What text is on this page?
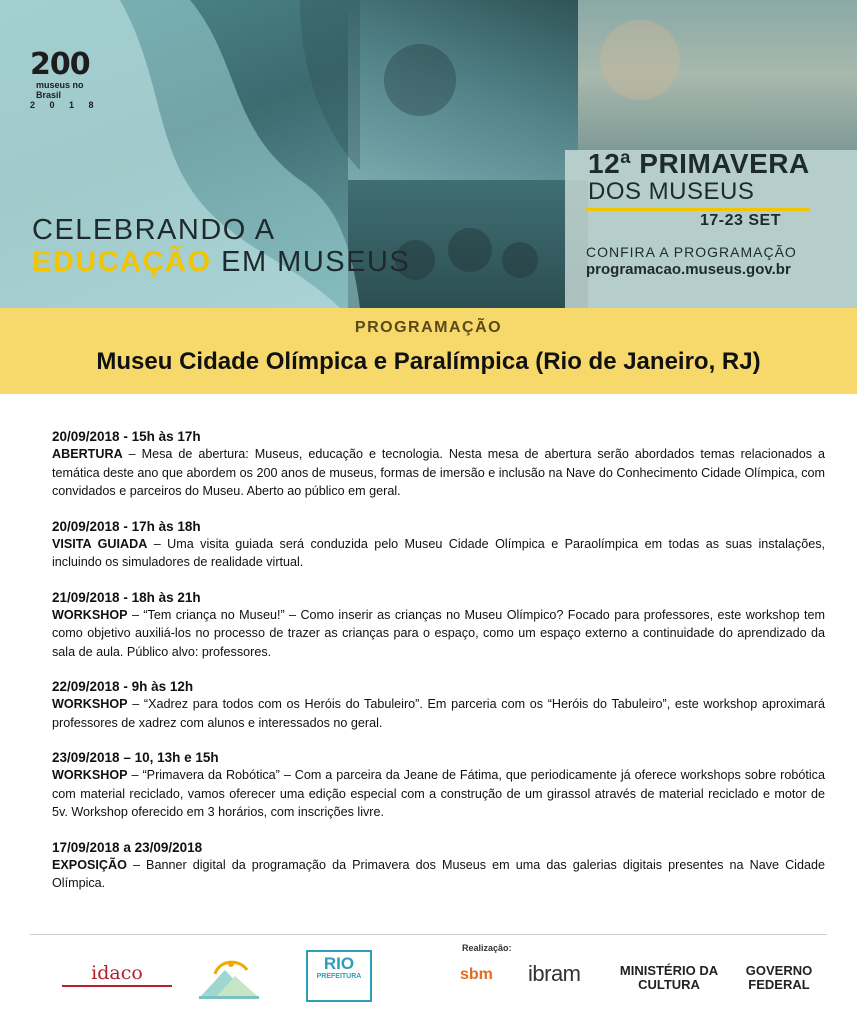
200
museus no Brasil
2 0 1 8
CELEBRANDO A
EDUCAÇÃO EM MUSEUS
12ª PRIMAVERA
DOS MUSEUS
17-23 SET
CONFIRA A PROGRAMAÇÃO
programacao.museus.gov.br
PROGRAMAÇÃO
Museu Cidade Olímpica e Paralímpica (Rio de Janeiro, RJ)

20/09/2018 - 15h às 17h

ABERTURA – Mesa de abertura: Museus, educação e tecnologia. Nesta mesa de abertura serão abordados temas relacionados a temática deste ano que abordem os 200 anos de museus, formas de imersão e inclusão na Nave do Conhecimento Cidade Olímpica, com convidados e parceiros do Museu. Aberto ao público em geral.

20/09/2018 - 17h às 18h

VISITA GUIADA – Uma visita guiada será conduzida pelo Museu Cidade Olímpica e Paraolímpica em todas as suas instalações, incluindo os simuladores de realidade virtual.

21/09/2018 - 18h às 21h

WORKSHOP – “Tem criança no Museu!” – Como inserir as crianças no Museu Olímpico? Focado para professores, este workshop tem como objetivo auxiliá-los no processo de trazer as crianças para o espaço, como um espaço externo a continuidade do aprendizado da sala de aula. Público alvo: professores.

22/09/2018 - 9h às 12h

WORKSHOP – “Xadrez para todos com os Heróis do Tabuleiro”. Em parceria com os “Heróis do Tabuleiro”, este workshop aproximará professores de xadrez com alunos e interessados no geral.

23/09/2018 – 10, 13h e 15h

WORKSHOP – “Primavera da Robótica” – Com a parceira da Jeane de Fátima, que periodicamente já oferece workshops sobre robótica com material reciclado, vamos oferecer uma edição especial com a construção de um girassol através de material reciclado e motor de 5v. Workshop oferecido em 3 horários, com inscrições livre.

17/09/2018 a 23/09/2018

EXPOSIÇÃO – Banner digital da programação da Primavera dos Museus em uma das galerias digitais presentes na Nave Cidade Olímpica.

idaco	RIO
PREFEITURA
Realização:
sbm	ibram	MINISTÉRIO DA
CULTURA
GOVERNO
FEDERAL
